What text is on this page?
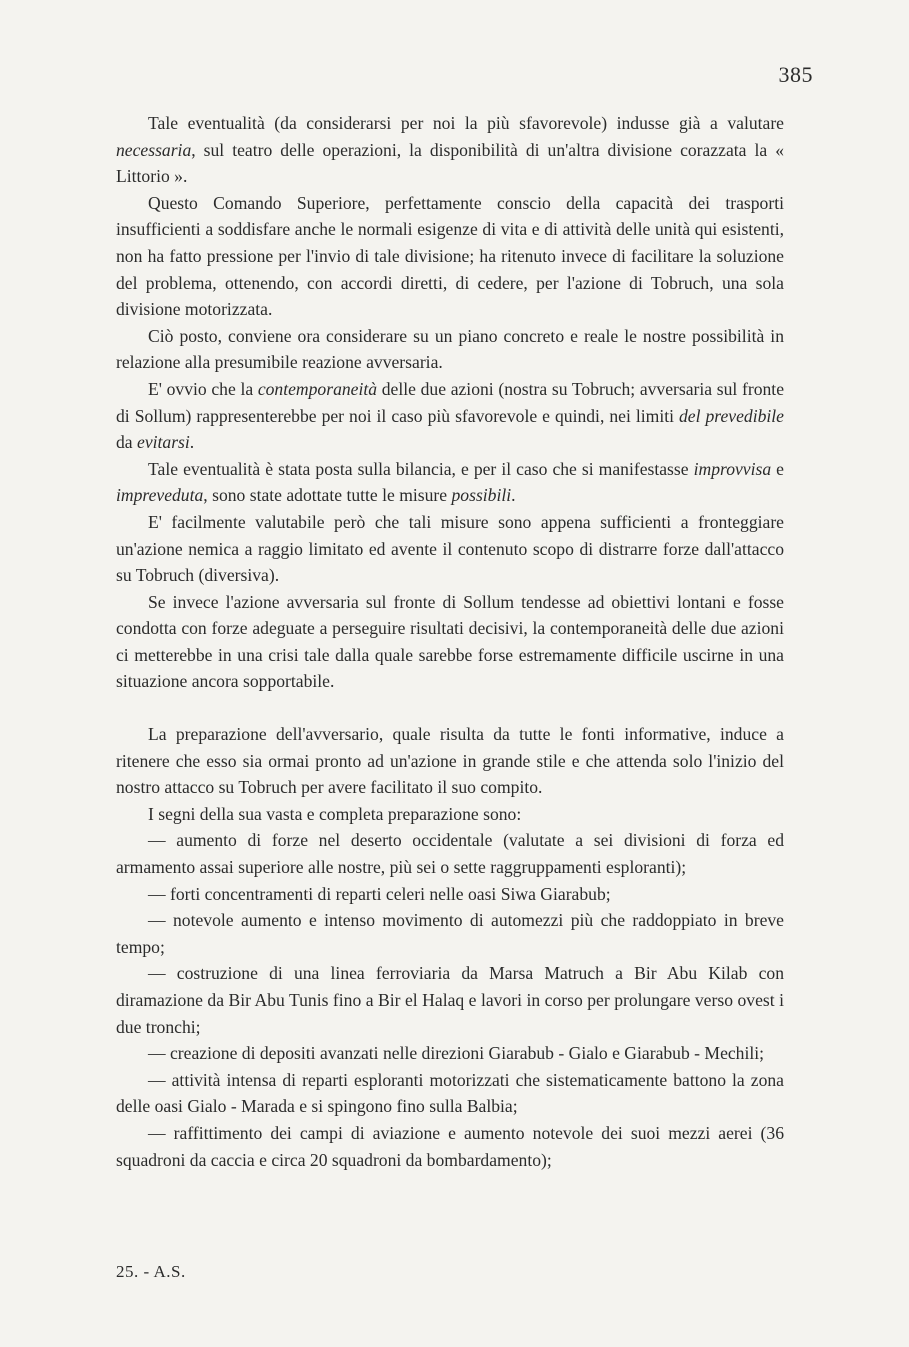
385

Tale eventualità (da considerarsi per noi la più sfavorevole) indusse già a valutare necessaria, sul teatro delle operazioni, la disponibilità di un'altra divisione corazzata la « Littorio ».

Questo Comando Superiore, perfettamente conscio della capacità dei trasporti insufficienti a soddisfare anche le normali esigenze di vita e di attività delle unità qui esistenti, non ha fatto pressione per l'invio di tale divisione; ha ritenuto invece di facilitare la soluzione del problema, ottenendo, con accordi diretti, di cedere, per l'azione di Tobruch, una sola divisione motorizzata.

Ciò posto, conviene ora considerare su un piano concreto e reale le nostre possibilità in relazione alla presumibile reazione avversaria.

E' ovvio che la contemporaneità delle due azioni (nostra su Tobruch; avversaria sul fronte di Sollum) rappresenterebbe per noi il caso più sfavorevole e quindi, nei limiti del prevedibile da evitarsi.

Tale eventualità è stata posta sulla bilancia, e per il caso che si manifestasse improvvisa e impreveduta, sono state adottate tutte le misure possibili.

E' facilmente valutabile però che tali misure sono appena sufficienti a fronteggiare un'azione nemica a raggio limitato ed avente il contenuto scopo di distrarre forze dall'attacco su Tobruch (diversiva).

Se invece l'azione avversaria sul fronte di Sollum tendesse ad obiettivi lontani e fosse condotta con forze adeguate a perseguire risultati decisivi, la contemporaneità delle due azioni ci metterebbe in una crisi tale dalla quale sarebbe forse estremamente difficile uscirne in una situazione ancora sopportabile.

La preparazione dell'avversario, quale risulta da tutte le fonti informative, induce a ritenere che esso sia ormai pronto ad un'azione in grande stile e che attenda solo l'inizio del nostro attacco su Tobruch per avere facilitato il suo compito.

I segni della sua vasta e completa preparazione sono:

— aumento di forze nel deserto occidentale (valutate a sei divisioni di forza ed armamento assai superiore alle nostre, più sei o sette raggruppamenti esploranti);

— forti concentramenti di reparti celeri nelle oasi Siwa Giarabub;

— notevole aumento e intenso movimento di automezzi più che raddoppiato in breve tempo;

— costruzione di una linea ferroviaria da Marsa Matruch a Bir Abu Kilab con diramazione da Bir Abu Tunis fino a Bir el Halaq e lavori in corso per prolungare verso ovest i due tronchi;

— creazione di depositi avanzati nelle direzioni Giarabub - Gialo e Giarabub - Mechili;

— attività intensa di reparti esploranti motorizzati che sistematicamente battono la zona delle oasi Gialo - Marada e si spingono fino sulla Balbia;

— raffittimento dei campi di aviazione e aumento notevole dei suoi mezzi aerei (36 squadroni da caccia e circa 20 squadroni da bombardamento);

25. - A.S.
